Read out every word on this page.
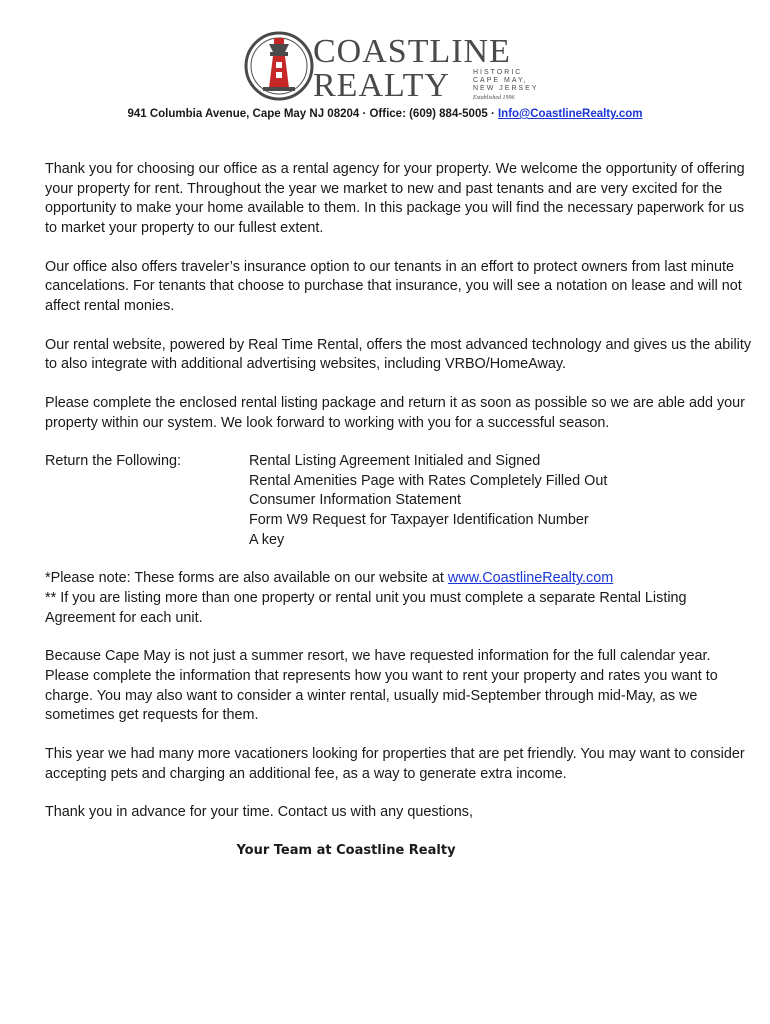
COASTLINE
REALTY	HISTORIC
CAPE MAY,
NEW JERSEY
Established 1996
941 Columbia Avenue, Cape May NJ 08204 · Office: (609) 884-5005 · Info@CoastlineRealty.com

Thank you for choosing our office as a rental agency for your property. We welcome the opportunity of offering your property for rent. Throughout the year we market to new and past tenants and are very excited for the opportunity to make your home available to them. In this package you will find the necessary paperwork for us to market your property to our fullest extent.

Our office also offers traveler’s insurance option to our tenants in an effort to protect owners from last minute cancelations. For tenants that choose to purchase that insurance, you will see a notation on lease and will not affect rental monies.

Our rental website, powered by Real Time Rental, offers the most advanced technology and gives us the ability to also integrate with additional advertising websites, including VRBO/HomeAway.

Please complete the enclosed rental listing package and return it as soon as possible so we are able add your property within our system. We look forward to working with you for a successful season.

Return the Following:	Rental Listing Agreement Initialed and Signed
Rental Amenities Page with Rates Completely Filled Out
Consumer Information Statement
Form W9 Request for Taxpayer Identification Number
A key
*Please note: These forms are also available on our website at www.CoastlineRealty.com
** If you are listing more than one property or rental unit you must complete a separate Rental Listing Agreement for each unit.

Because Cape May is not just a summer resort, we have requested information for the full calendar year. Please complete the information that represents how you want to rent your property and rates you want to charge. You may also want to consider a winter rental, usually mid-September through mid-May, as we sometimes get requests for them.

This year we had many more vacationers looking for properties that are pet friendly. You may want to consider accepting pets and charging an additional fee, as a way to generate extra income.

Thank you in advance for your time. Contact us with any questions,

Your Team at Coastline Realty
